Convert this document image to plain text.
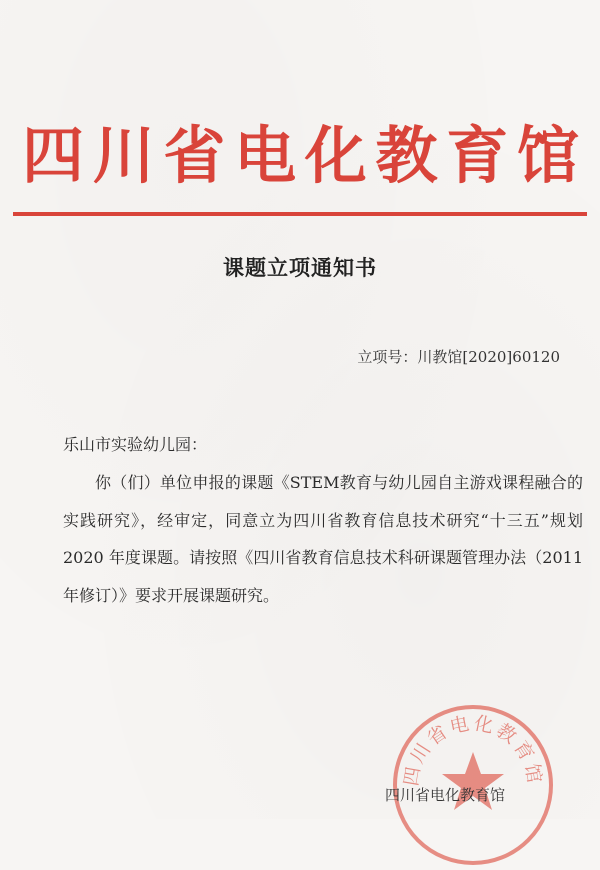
四 川 省 电 化 教 育 馆
课题立项通知书
立项号：川教馆[2020]60120
乐山市实验幼儿园：
你（们）单位申报的课题《STEM教育与幼儿园自主游戏课程融合的实践研究》，经审定，同意立为四川省教育信息技术研究“十三五”规划 2020 年度课题。请按照《四川省教育信息技术科研课题管理办法（2011年修订）》要求开展课题研究。
四川省电化教育馆
四川省电化教育馆
